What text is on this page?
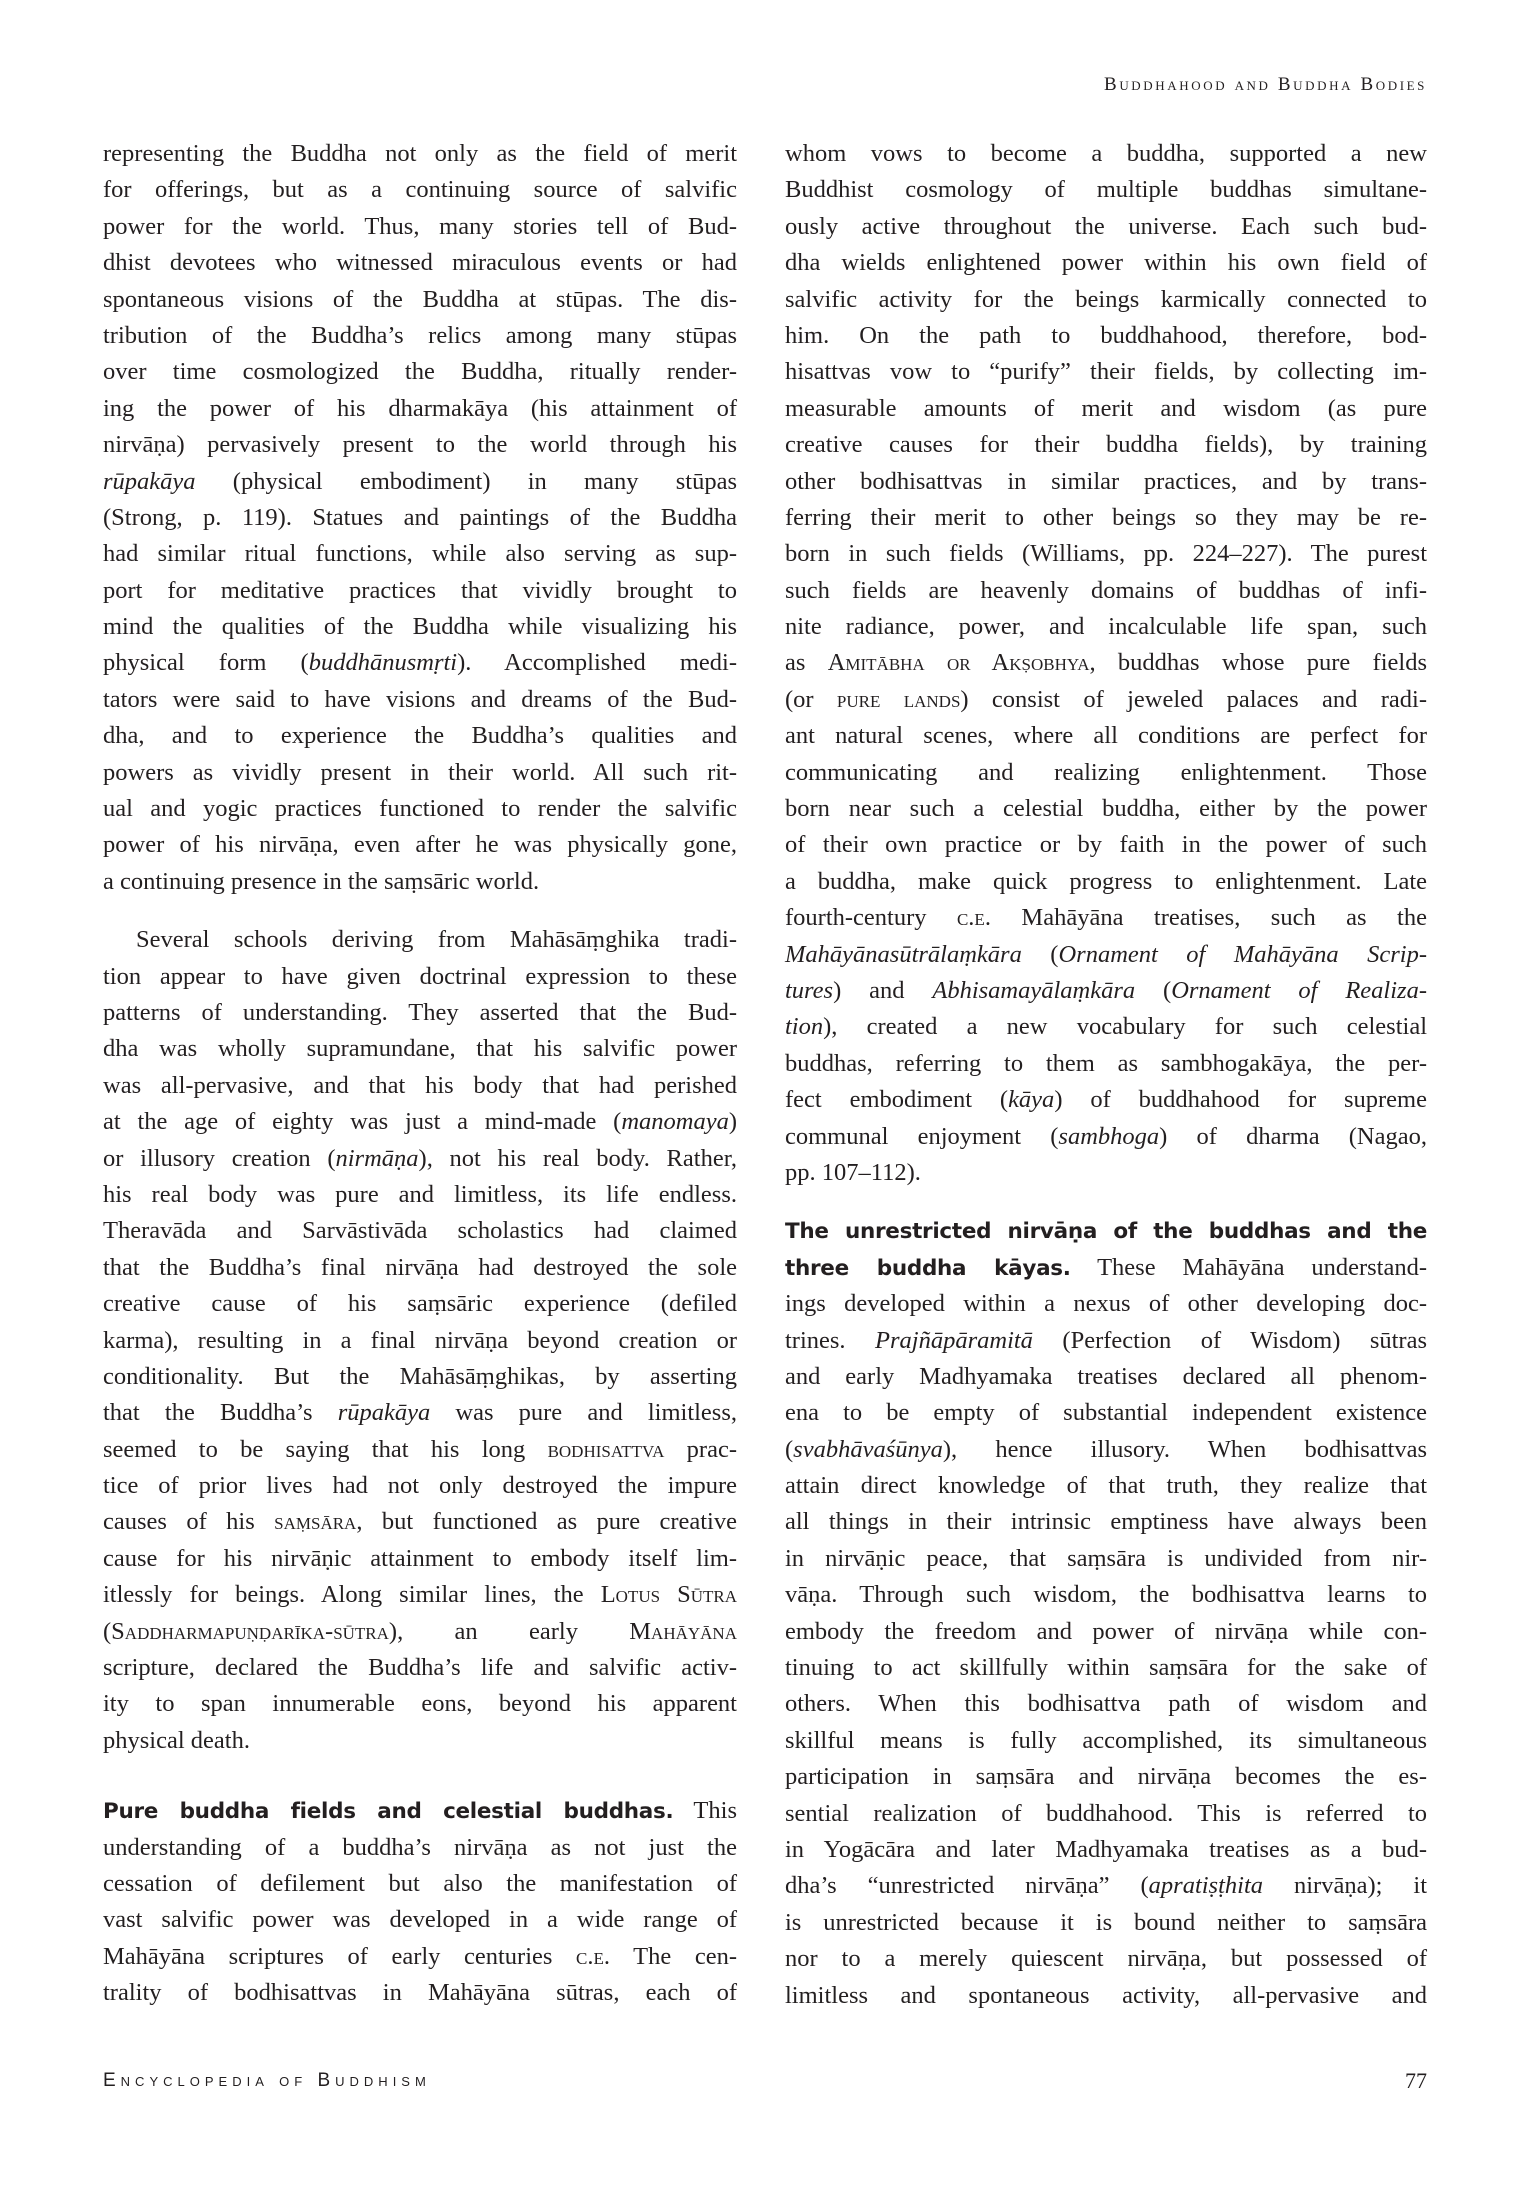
Buddhahood and Buddha Bodies
representing the Buddha not only as the field of merit
for offerings, but as a continuing source of salvific
power for the world. Thus, many stories tell of Bud-
dhist devotees who witnessed miraculous events or had
spontaneous visions of the Buddha at stūpas. The dis-
tribution of the Buddha’s relics among many stūpas
over time cosmologized the Buddha, ritually render-
ing the power of his dharmakāya (his attainment of
nirvāṇa) pervasively present to the world through his
rūpakāya (physical embodiment) in many stūpas
(Strong, p. 119). Statues and paintings of the Buddha
had similar ritual functions, while also serving as sup-
port for meditative practices that vividly brought to
mind the qualities of the Buddha while visualizing his
physical form (buddhānusmṛti). Accomplished medi-
tators were said to have visions and dreams of the Bud-
dha, and to experience the Buddha’s qualities and
powers as vividly present in their world. All such rit-
ual and yogic practices functioned to render the salvific
power of his nirvāṇa, even after he was physically gone,
a continuing presence in the saṃsāric world.
Several schools deriving from Mahāsāṃghika tradi-
tion appear to have given doctrinal expression to these
patterns of understanding. They asserted that the Bud-
dha was wholly supramundane, that his salvific power
was all-pervasive, and that his body that had perished
at the age of eighty was just a mind-made (manomaya)
or illusory creation (nirmāṇa), not his real body. Rather,
his real body was pure and limitless, its life endless.
Theravāda and Sarvāstivāda scholastics had claimed
that the Buddha’s final nirvāṇa had destroyed the sole
creative cause of his saṃsāric experience (defiled
karma), resulting in a final nirvāṇa beyond creation or
conditionality. But the Mahāsāṃghikas, by asserting
that the Buddha’s rūpakāya was pure and limitless,
seemed to be saying that his long bodhisattva prac-
tice of prior lives had not only destroyed the impure
causes of his saṃsāra, but functioned as pure creative
cause for his nirvāṇic attainment to embody itself lim-
itlessly for beings. Along similar lines, the Lotus Sūtra
(Saddharmapuṇḍarīka-sūtra), an early Mahāyāna
scripture, declared the Buddha’s life and salvific activ-
ity to span innumerable eons, beyond his apparent
physical death.
Pure buddha fields and celestial buddhas. This
understanding of a buddha’s nirvāṇa as not just the
cessation of defilement but also the manifestation of
vast salvific power was developed in a wide range of
Mahāyāna scriptures of early centuries c.e. The cen-
trality of bodhisattvas in Mahāyāna sūtras, each of
whom vows to become a buddha, supported a new
Buddhist cosmology of multiple buddhas simultane-
ously active throughout the universe. Each such bud-
dha wields enlightened power within his own field of
salvific activity for the beings karmically connected to
him. On the path to buddhahood, therefore, bod-
hisattvas vow to “purify” their fields, by collecting im-
measurable amounts of merit and wisdom (as pure
creative causes for their buddha fields), by training
other bodhisattvas in similar practices, and by trans-
ferring their merit to other beings so they may be re-
born in such fields (Williams, pp. 224–227). The purest
such fields are heavenly domains of buddhas of infi-
nite radiance, power, and incalculable life span, such
as Amitābha or Akṣobhya, buddhas whose pure fields
(or pure lands) consist of jeweled palaces and radi-
ant natural scenes, where all conditions are perfect for
communicating and realizing enlightenment. Those
born near such a celestial buddha, either by the power
of their own practice or by faith in the power of such
a buddha, make quick progress to enlightenment. Late
fourth-century c.e. Mahāyāna treatises, such as the
Mahāyānasūtrālaṃkāra (Ornament of Mahāyāna Scrip-
tures) and Abhisamayālaṃkāra (Ornament of Realiza-
tion), created a new vocabulary for such celestial
buddhas, referring to them as sambhogakāya, the per-
fect embodiment (kāya) of buddhahood for supreme
communal enjoyment (sambhoga) of dharma (Nagao,
pp. 107–112).
The unrestricted nirvāṇa of the buddhas and the
three buddha kāyas. These Mahāyāna understand-
ings developed within a nexus of other developing doc-
trines. Prajñāpāramitā (Perfection of Wisdom) sūtras
and early Madhyamaka treatises declared all phenom-
ena to be empty of substantial independent existence
(svabhāvaśūnya), hence illusory. When bodhisattvas
attain direct knowledge of that truth, they realize that
all things in their intrinsic emptiness have always been
in nirvāṇic peace, that saṃsāra is undivided from nir-
vāṇa. Through such wisdom, the bodhisattva learns to
embody the freedom and power of nirvāṇa while con-
tinuing to act skillfully within saṃsāra for the sake of
others. When this bodhisattva path of wisdom and
skillful means is fully accomplished, its simultaneous
participation in saṃsāra and nirvāṇa becomes the es-
sential realization of buddhahood. This is referred to
in Yogācāra and later Madhyamaka treatises as a bud-
dha’s “unrestricted nirvāṇa” (apratiṣṭhita nirvāṇa); it
is unrestricted because it is bound neither to saṃsāra
nor to a merely quiescent nirvāṇa, but possessed of
limitless and spontaneous activity, all-pervasive and
Encyclopedia of Buddhism	77
